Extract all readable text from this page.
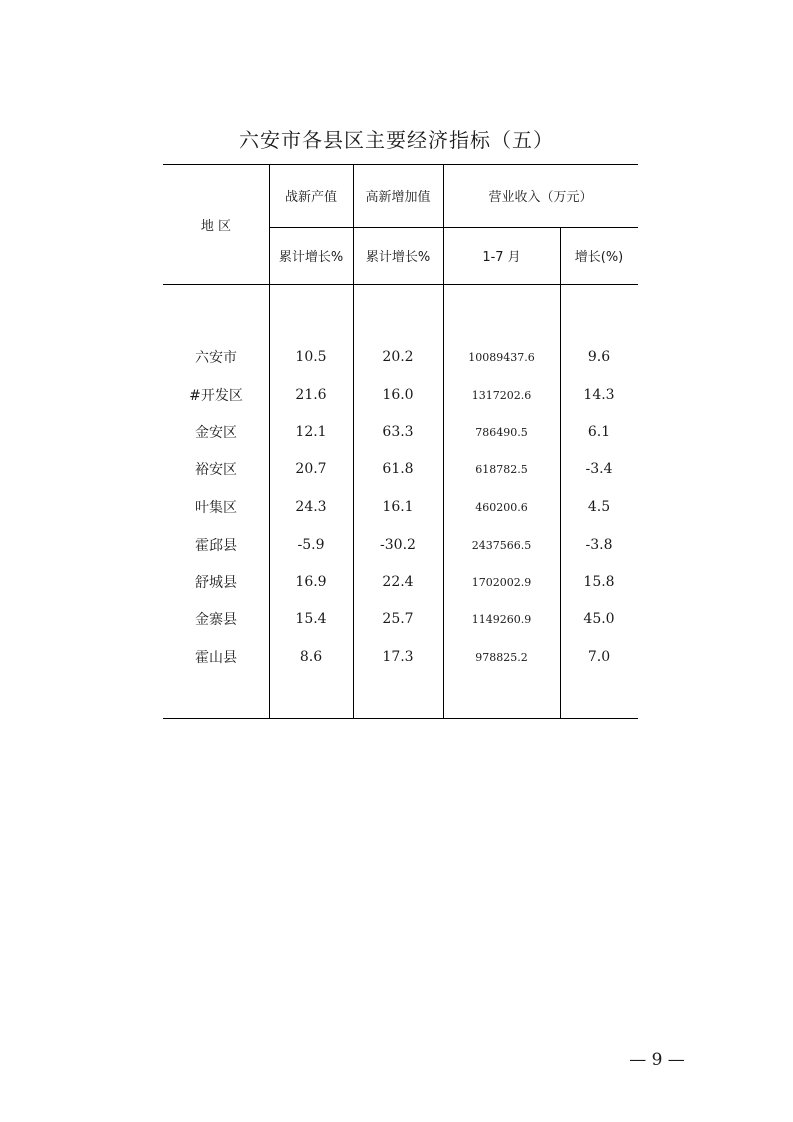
六安市各县区主要经济指标（五）
地 区
战新产值	高新增加值	营业收入（万元）
累计增长%	累计增长%	1-7 月	增长(%)
六安市	10.5	20.2	10089437.6	9.6
#开发区	21.6	16.0	1317202.6	14.3
金安区	12.1	63.3	786490.5	6.1
裕安区	20.7	61.8	618782.5	-3.4
叶集区	24.3	16.1	460200.6	4.5
霍邱县	-5.9	-30.2	2437566.5	-3.8
舒城县	16.9	22.4	1702002.9	15.8
金寨县	15.4	25.7	1149260.9	45.0
霍山县	8.6	17.3	978825.2	7.0
— 9 —
